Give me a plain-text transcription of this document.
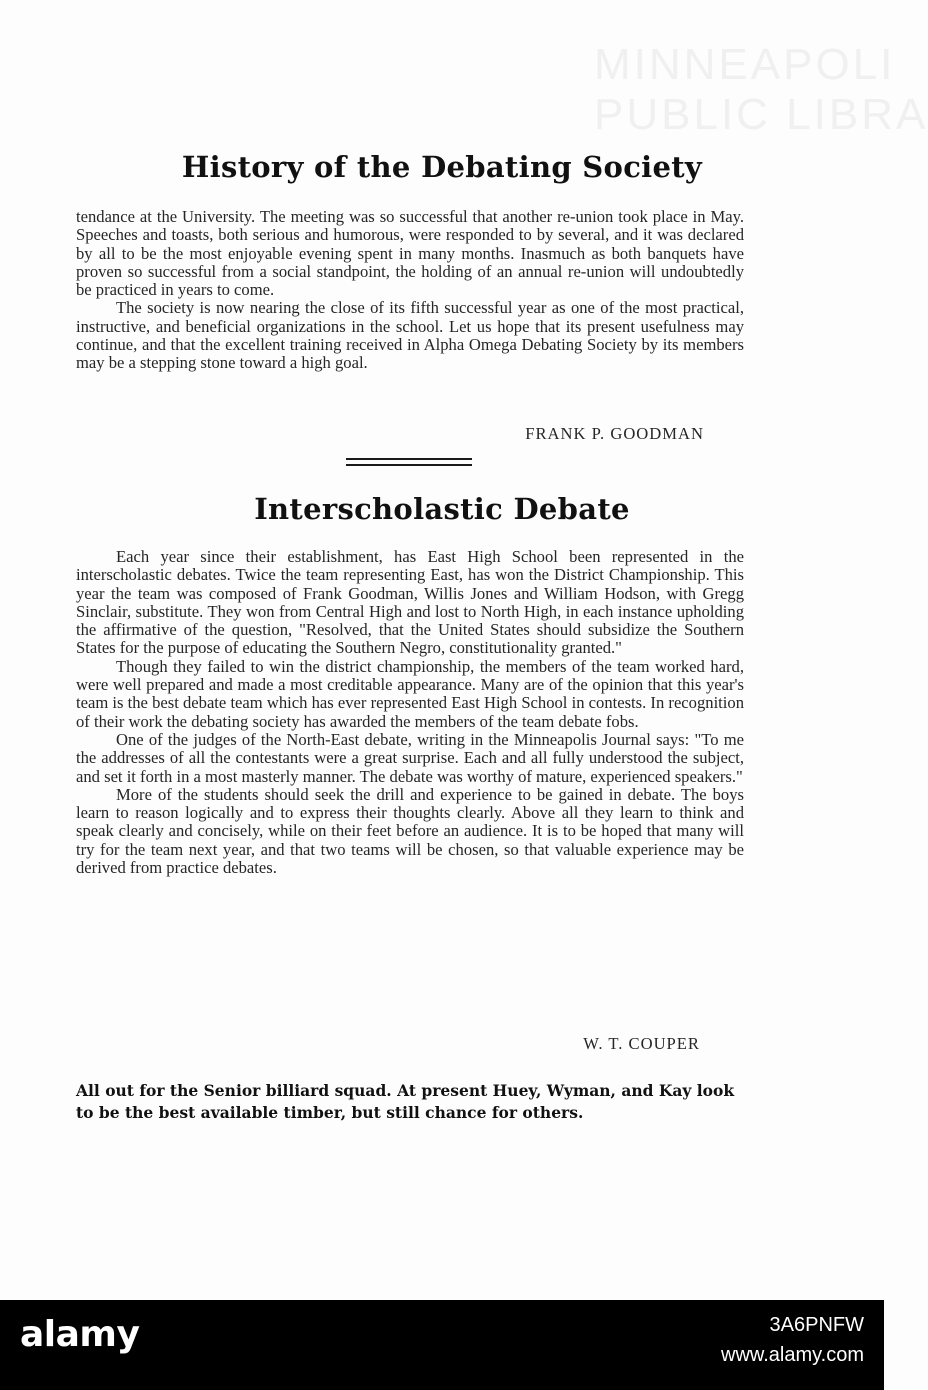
MINNEAPOLI
PUBLIC LIBRA
History of the Debating Society

tendance at the University. The meeting was so successful that another re-union took place in May. Speeches and toasts, both serious and humorous, were responded to by several, and it was declared by all to be the most enjoyable evening spent in many months. Inasmuch as both banquets have proven so successful from a social standpoint, the holding of an annual re-union will undoubtedly be practiced in years to come.

The society is now nearing the close of its fifth successful year as one of the most practical, instructive, and beneficial organizations in the school. Let us hope that its present usefulness may continue, and that the excellent training received in Alpha Omega Debating Society by its members may be a stepping stone toward a high goal.

FRANK P. GOODMAN
Interscholastic Debate

Each year since their establishment, has East High School been represented in the interscholastic debates. Twice the team representing East, has won the District Championship. This year the team was composed of Frank Goodman, Willis Jones and William Hodson, with Gregg Sinclair, substitute. They won from Central High and lost to North High, in each instance upholding the affirmative of the question, "Resolved, that the United States should subsidize the Southern States for the purpose of educating the Southern Negro, constitutionality granted."

Though they failed to win the district championship, the members of the team worked hard, were well prepared and made a most creditable appearance. Many are of the opinion that this year's team is the best debate team which has ever represented East High School in contests. In recognition of their work the debating society has awarded the members of the team debate fobs.

One of the judges of the North-East debate, writing in the Minneapolis Journal says: "To me the addresses of all the contestants were a great surprise. Each and all fully understood the subject, and set it forth in a most masterly manner. The debate was worthy of mature, experienced speakers."

More of the students should seek the drill and experience to be gained in debate. The boys learn to reason logically and to express their thoughts clearly. Above all they learn to think and speak clearly and concisely, while on their feet before an audience. It is to be hoped that many will try for the team next year, and that two teams will be chosen, so that valuable experience may be derived from practice debates.

W. T. COUPER

All out for the Senior billiard squad. At present Huey, Wyman, and Kay look

to be the best available timber, but still chance for others.

alamy	3A6PNFW
www.alamy.com
